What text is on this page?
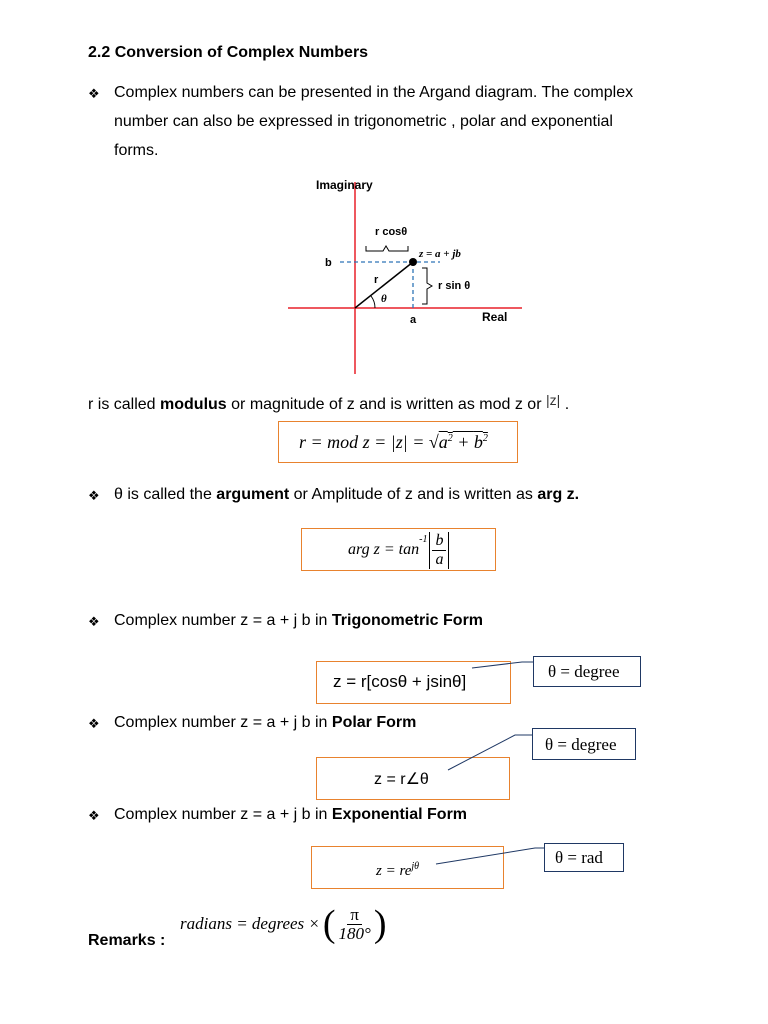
2.2 Conversion of Complex Numbers
❖ Complex numbers can be presented in the Argand diagram. The complex
number can also be expressed in trigonometric , polar and exponential
forms.
Imaginary
Real
r cosθ
r sin θ
z = a + jb
b
a
r
θ
r is called modulus or magnitude of z and is written as mod z or |z| .
r = mod $z = |z| = √a^2 + b^2$
❖ θ is called the argument or Amplitude of z and is written as arg z.
arg z = tan
$^{-1} \frac{b}{a}$
❖ Complex number z = a + j b in Trigonometric Form
z = r[cosθ + jsinθ]
θ = degree
❖ Complex number z = a + j b in Polar Form
z = r∠θ
θ = degree
❖ Complex number z = a + j b in Exponential Form
$z = re^{j\theta}$	θ = rad
Remarks :
radians = degrees × ( $\frac{\pi}{180^\circ}$ )
